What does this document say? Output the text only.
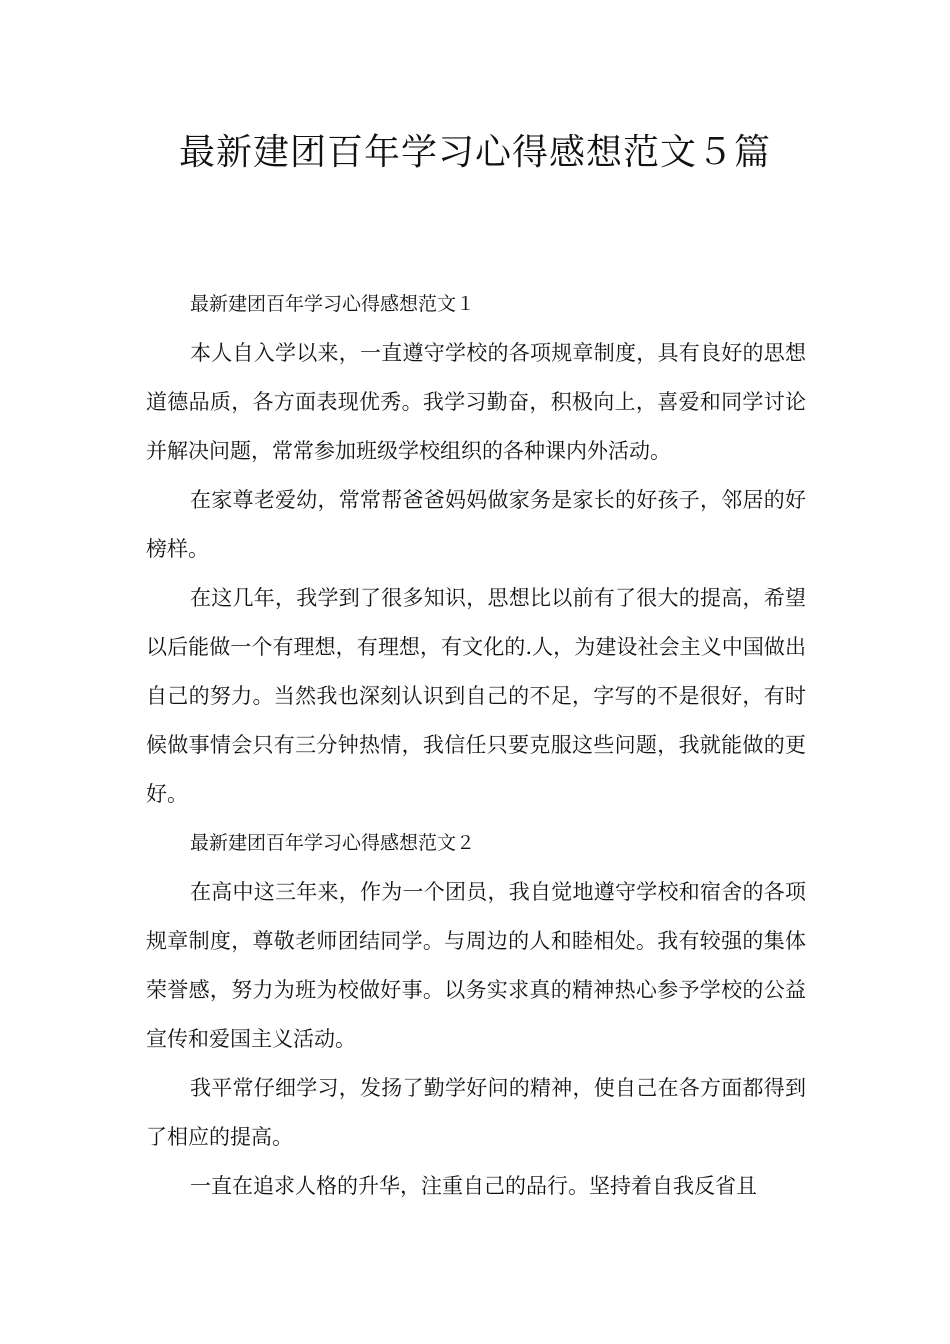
最新建团百年学习心得感想范文５篇

最新建团百年学习心得感想范文１

本人自入学以来，一直遵守学校的各项规章制度，具有良好的思想道德品质，各方面表现优秀。我学习勤奋，积极向上，喜爱和同学讨论并解决问题，常常参加班级学校组织的各种课内外活动。

在家尊老爱幼，常常帮爸爸妈妈做家务是家长的好孩子，邻居的好榜样。

在这几年，我学到了很多知识，思想比以前有了很大的提高，希望以后能做一个有理想，有理想，有文化的.人，为建设社会主义中国做出自己的努力。当然我也深刻认识到自己的不足，字写的不是很好，有时候做事情会只有三分钟热情，我信任只要克服这些问题，我就能做的更好。

最新建团百年学习心得感想范文２

在高中这三年来，作为一个团员，我自觉地遵守学校和宿舍的各项规章制度，尊敬老师团结同学。与周边的人和睦相处。我有较强的集体荣誉感，努力为班为校做好事。以务实求真的精神热心参予学校的公益宣传和爱国主义活动。

我平常仔细学习，发扬了勤学好问的精神，使自己在各方面都得到了相应的提高。

一直在追求人格的升华，注重自己的品行。坚持着自我反省且
